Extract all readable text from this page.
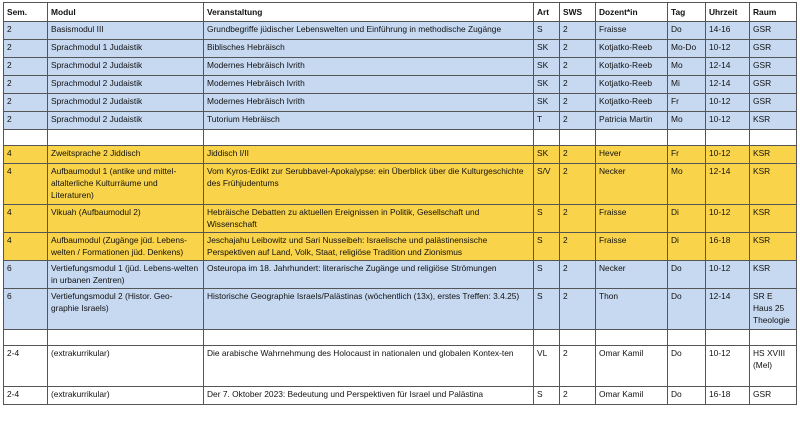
Sem.	Modul	Veranstaltung	Art	SWS	Dozent*in	Tag	Uhrzeit	Raum
2	Basismodul III	Grundbegriffe jüdischer Lebenswelten und Einführung in methodische Zugänge	S	2	Fraisse	Do	14-16	GSR
2	Sprachmodul 1 Judaistik	Biblisches Hebräisch	SK	2	Kotjatko-Reeb	Mo-Do	10-12	GSR
2	Sprachmodul 2 Judaistik	Modernes Hebräisch Ivrith	SK	2	Kotjatko-Reeb	Mo	12-14	GSR
2	Sprachmodul 2 Judaistik	Modernes Hebräisch Ivrith	SK	2	Kotjatko-Reeb	Mi	12-14	GSR
2	Sprachmodul 2 Judaistik	Modernes Hebräisch Ivrith	SK	2	Kotjatko-Reeb	Fr	10-12	GSR
2	Sprachmodul 2 Judaistik	Tutorium Hebräisch	T	2	Patricia Martin	Mo	10-12	KSR

4	Zweitsprache 2 Jiddisch	Jiddisch I/II	SK	2	Hever	Fr	10-12	KSR
4	Aufbaumodul 1 (antike und mittel-altalterliche Kulturräume und Literaturen)	Vom Kyros-Edikt zur Serubbavel-Apokalypse: ein Überblick über die Kulturgeschichte des Frühjudentums	S/V	2	Necker	Mo	12-14	KSR
4	Vikuah (Aufbaumodul 2)	Hebräische Debatten zu aktuellen Ereignissen in Politik, Gesellschaft und Wissenschaft	S	2	Fraisse	Di	10-12	KSR
4	Aufbaumodul (Zugänge jüd. Lebens-welten / Formationen jüd. Denkens)	Jeschajahu Leibowitz und Sari Nusseibeh: Israelische und palästinensische Perspektiven auf Land, Volk, Staat, religiöse Tradition und Zionismus	S	2	Fraisse	Di	16-18	KSR
6	Vertiefungsmodul 1 (jüd. Lebens-welten in urbanen Zentren)	Osteuropa im 18. Jahrhundert: literarische Zugänge und religiöse Strömungen	S	2	Necker	Do	10-12	KSR
6	Vertiefungsmodul 2 (Histor. Geo-graphie Israels)	Historische Geographie Israels/Palästinas (wöchentlich (13x), erstes Treffen: 3.4.25)	S	2	Thon	Do	12-14	SR E Haus 25 Theologie

2-4	(extrakurrikular)	Die arabische Wahrnehmung des Holocaust in nationalen und globalen Kontex-ten	VL	2	Omar Kamil	Do	10-12	HS XVIII (Mel)
2-4	(extrakurrikular)	Der 7. Oktober 2023: Bedeutung und Perspektiven für Israel und Palästina	S	2	Omar Kamil	Do	16-18	GSR
